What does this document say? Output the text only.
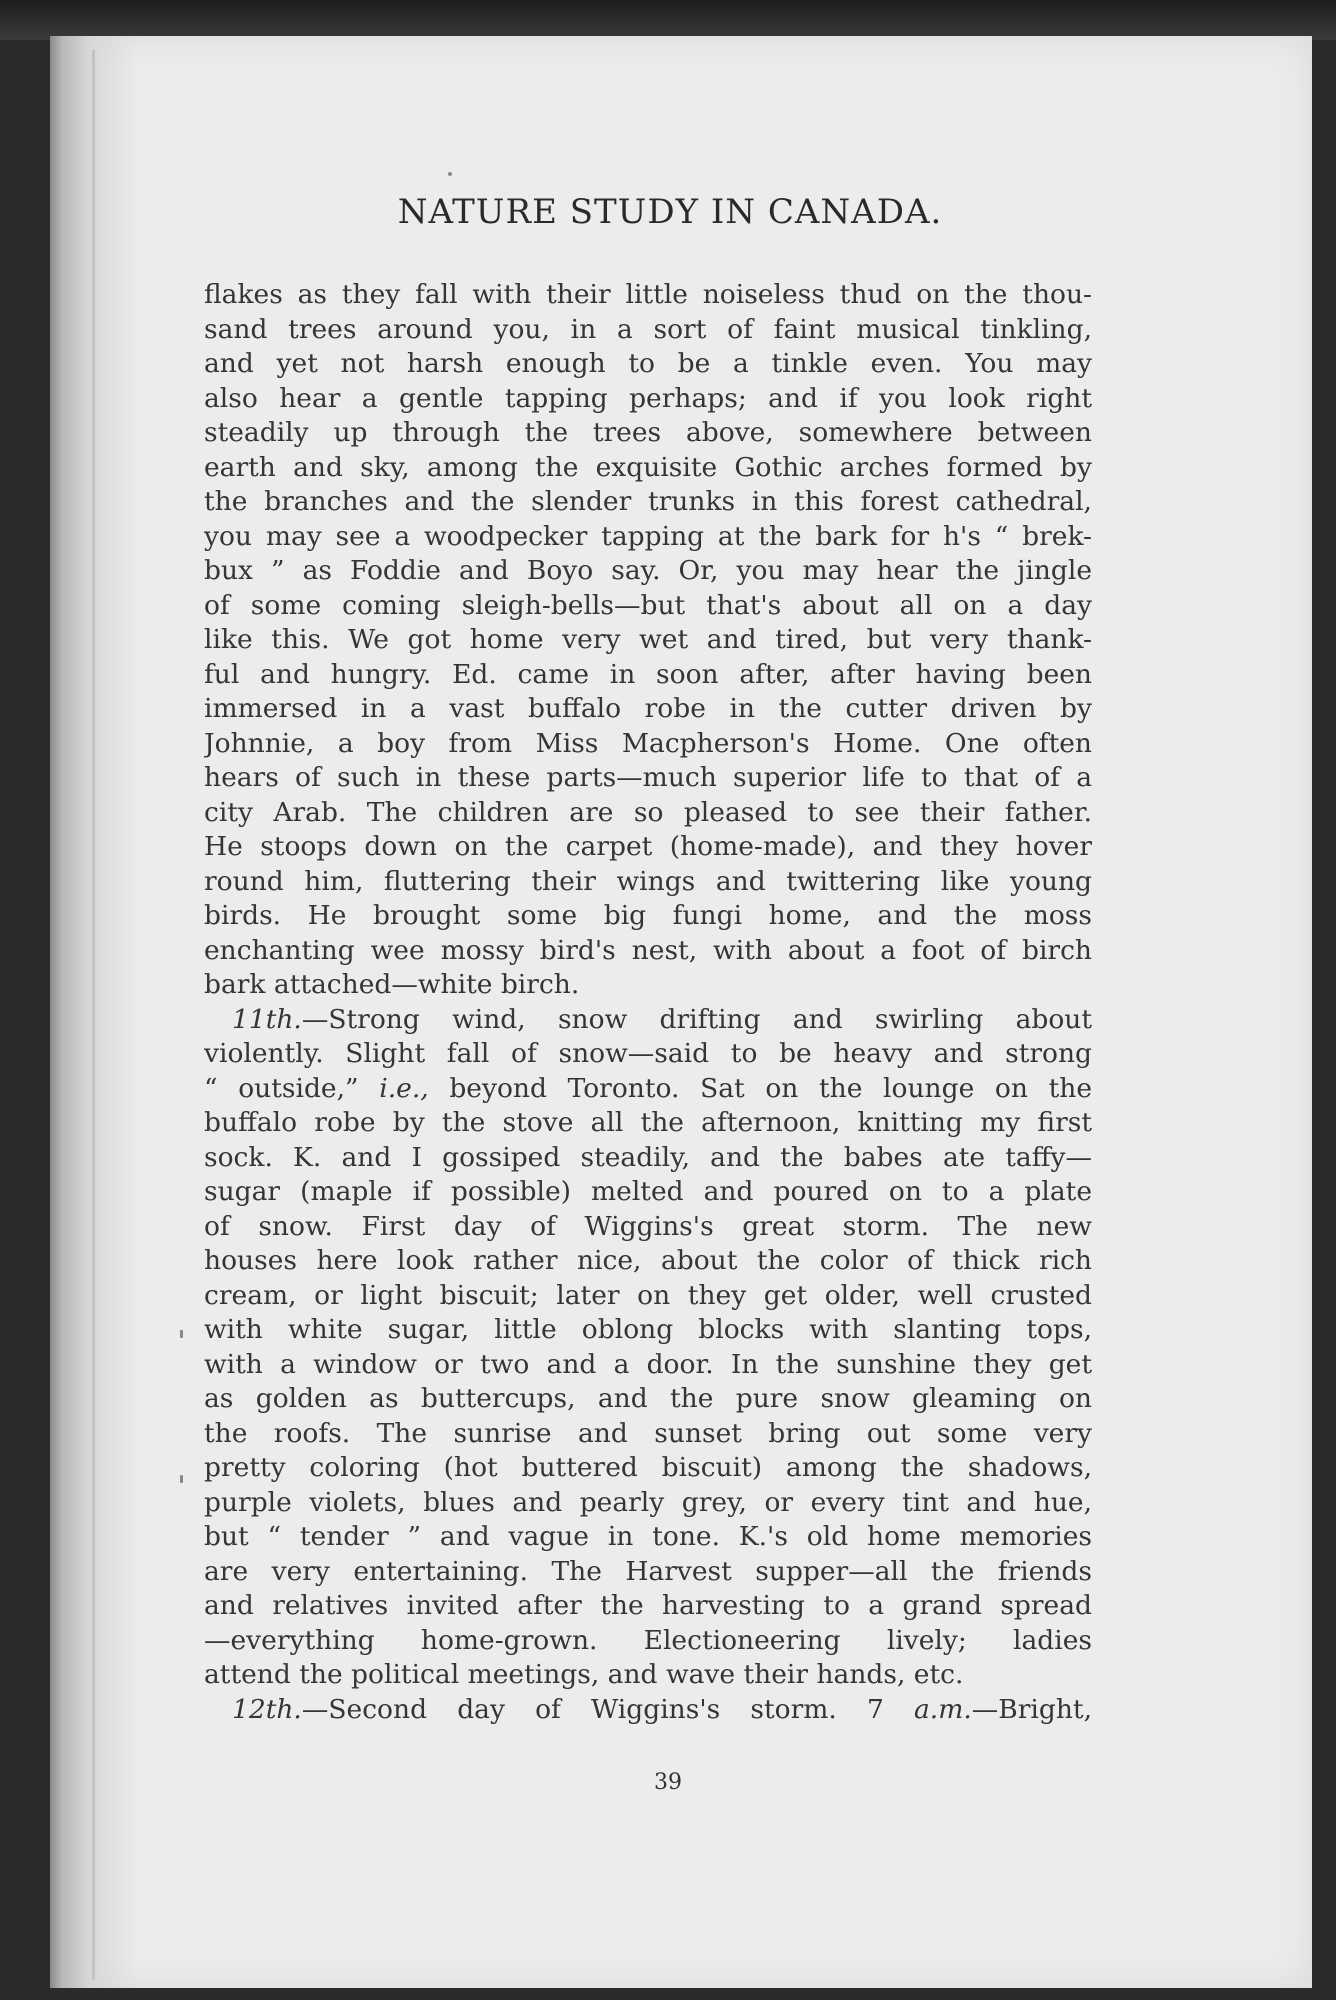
NATURE STUDY IN CANADA.
flakes as they fall with their little noiseless thud on the thou-
sand trees around you, in a sort of faint musical tinkling,
and yet not harsh enough to be a tinkle even. You may
also hear a gentle tapping perhaps; and if you look right
steadily up through the trees above, somewhere between
earth and sky, among the exquisite Gothic arches formed by
the branches and the slender trunks in this forest cathedral,
you may see a woodpecker tapping at the bark for h's “ brek-
bux ” as Foddie and Boyo say. Or, you may hear the jingle
of some coming sleigh-bells—but that's about all on a day
like this. We got home very wet and tired, but very thank-
ful and hungry. Ed. came in soon after, after having been
immersed in a vast buffalo robe in the cutter driven by
Johnnie, a boy from Miss Macpherson's Home. One often
hears of such in these parts—much superior life to that of a
city Arab. The children are so pleased to see their father.
He stoops down on the carpet (home-made), and they hover
round him, fluttering their wings and twittering like young
birds. He brought some big fungi home, and the moss
enchanting wee mossy bird's nest, with about a foot of birch
bark attached—white birch.
11th.—Strong wind, snow drifting and swirling about
violently. Slight fall of snow—said to be heavy and strong
“ outside,” i.e., beyond Toronto. Sat on the lounge on the
buffalo robe by the stove all the afternoon, knitting my first
sock. K. and I gossiped steadily, and the babes ate taffy—
sugar (maple if possible) melted and poured on to a plate
of snow. First day of Wiggins's great storm. The new
houses here look rather nice, about the color of thick rich
cream, or light biscuit; later on they get older, well crusted
with white sugar, little oblong blocks with slanting tops,
with a window or two and a door. In the sunshine they get
as golden as buttercups, and the pure snow gleaming on
the roofs. The sunrise and sunset bring out some very
pretty coloring (hot buttered biscuit) among the shadows,
purple violets, blues and pearly grey, or every tint and hue,
but “ tender ” and vague in tone. K.'s old home memories
are very entertaining. The Harvest supper—all the friends
and relatives invited after the harvesting to a grand spread
—everything home-grown. Electioneering lively; ladies
attend the political meetings, and wave their hands, etc.
12th.—Second day of Wiggins's storm. 7 a.m.—Bright,
39
